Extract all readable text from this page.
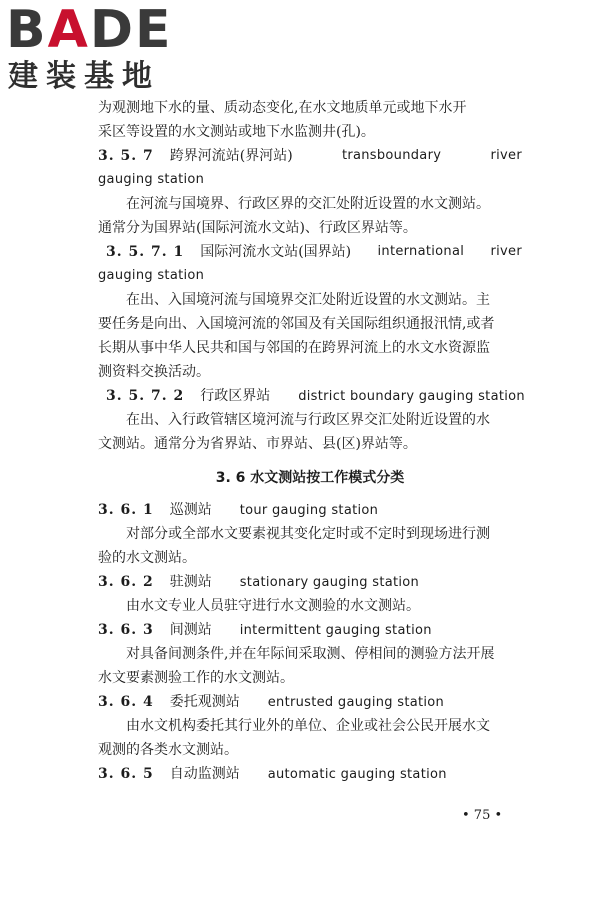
BADE
建装基地
为观测地下水的量、质动态变化,在水文地质单元或地下水开
采区等设置的水文测站或地下水监测井(孔)。
3. 5. 7 跨界河流站(界河站)	transboundary	river
gauging station
在河流与国境界、行政区界的交汇处附近设置的水文测站。
通常分为国界站(国际河流水文站)、行政区界站等。
3. 5. 7. 1 国际河流水文站(国界站) international river
gauging station
在出、入国境河流与国境界交汇处附近设置的水文测站。主
要任务是向出、入国境河流的邻国及有关国际组织通报汛情,或者
长期从事中华人民共和国与邻国的在跨界河流上的水文水资源监
测资料交换活动。
3. 5. 7. 2 行政区界站 district boundary gauging station
在出、入行政管辖区境河流与行政区界交汇处附近设置的水
文测站。通常分为省界站、市界站、县(区)界站等。
3. 6 水文测站按工作模式分类
3. 6. 1 巡测站 tour gauging station
对部分或全部水文要素视其变化定时或不定时到现场进行测
验的水文测站。
3. 6. 2 驻测站 stationary gauging station
由水文专业人员驻守进行水文测验的水文测站。
3. 6. 3 间测站 intermittent gauging station
对具备间测条件,并在年际间采取测、停相间的测验方法开展
水文要素测验工作的水文测站。
3. 6. 4 委托观测站 entrusted gauging station
由水文机构委托其行业外的单位、企业或社会公民开展水文
观测的各类水文测站。
3. 6. 5 自动监测站 automatic gauging station
• 75 •
